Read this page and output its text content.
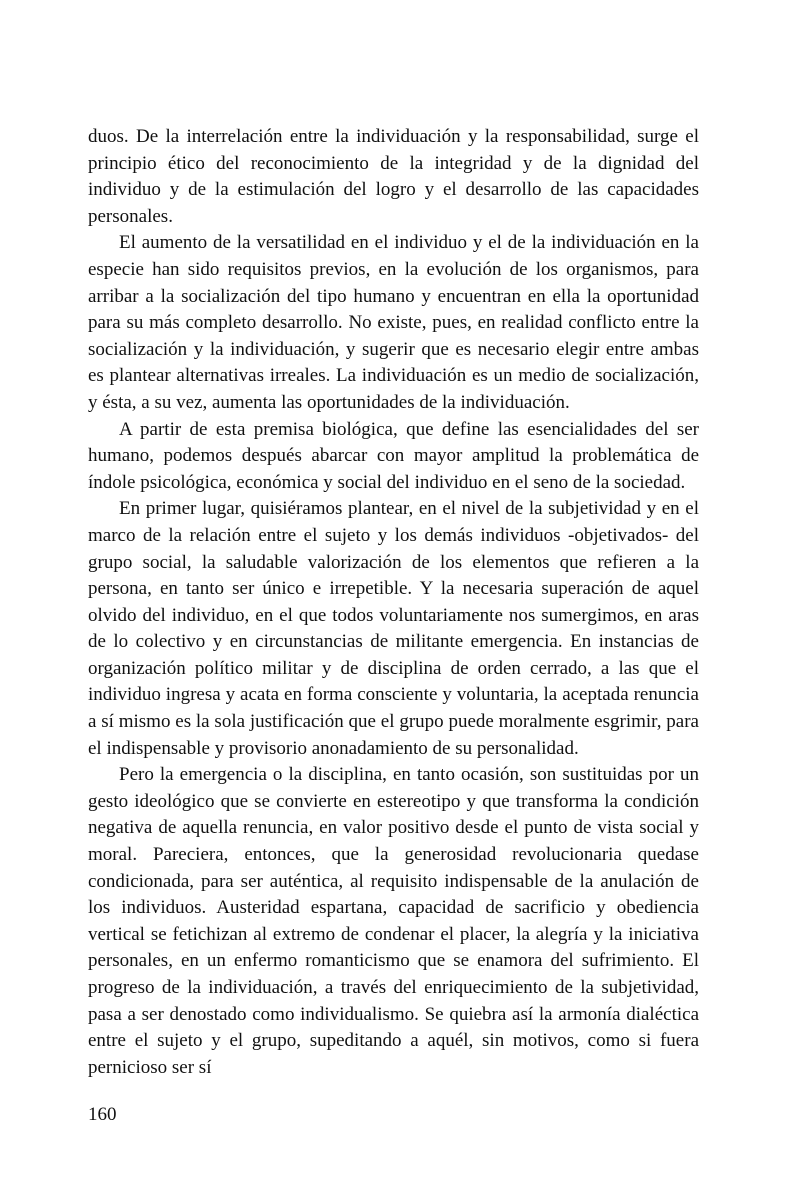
duos. De la interrelación entre la individuación y la responsabilidad, surge el principio ético del reconocimiento de la integridad y de la dignidad del individuo y de la estimulación del logro y el desarrollo de las capacidades personales.

El aumento de la versatilidad en el individuo y el de la individuación en la especie han sido requisitos previos, en la evolución de los organismos, para arribar a la socialización del tipo humano y encuentran en ella la oportunidad para su más completo desarrollo. No existe, pues, en realidad conflicto entre la socialización y la individuación, y sugerir que es necesario elegir entre ambas es plantear alternativas irreales. La individuación es un medio de socialización, y ésta, a su vez, aumenta las oportunidades de la individuación.

A partir de esta premisa biológica, que define las esencialidades del ser humano, podemos después abarcar con mayor amplitud la problemática de índole psicológica, económica y social del individuo en el seno de la sociedad.

En primer lugar, quisiéramos plantear, en el nivel de la subjetividad y en el marco de la relación entre el sujeto y los demás individuos -objetivados- del grupo social, la saludable valorización de los elementos que refieren a la persona, en tanto ser único e irrepetible. Y la necesaria superación de aquel olvido del individuo, en el que todos voluntariamente nos sumergimos, en aras de lo colectivo y en circunstancias de militante emergencia. En instancias de organización político militar y de disciplina de orden cerrado, a las que el individuo ingresa y acata en forma consciente y voluntaria, la aceptada renuncia a sí mismo es la sola justificación que el grupo puede moralmente esgrimir, para el indispensable y provisorio anonadamiento de su personalidad.

Pero la emergencia o la disciplina, en tanto ocasión, son sustituidas por un gesto ideológico que se convierte en estereotipo y que transforma la condición negativa de aquella renuncia, en valor positivo desde el punto de vista social y moral. Pareciera, entonces, que la generosidad revolucionaria quedase condicionada, para ser auténtica, al requisito indispensable de la anulación de los individuos. Austeridad espartana, capacidad de sacrificio y obediencia vertical se fetichizan al extremo de condenar el placer, la alegría y la iniciativa personales, en un enfermo romanticismo que se enamora del sufrimiento. El progreso de la individuación, a través del enriquecimiento de la subjetividad, pasa a ser denostado como individualismo. Se quiebra así la armonía dialéctica entre el sujeto y el grupo, supeditando a aquél, sin motivos, como si fuera pernicioso ser sí

160
